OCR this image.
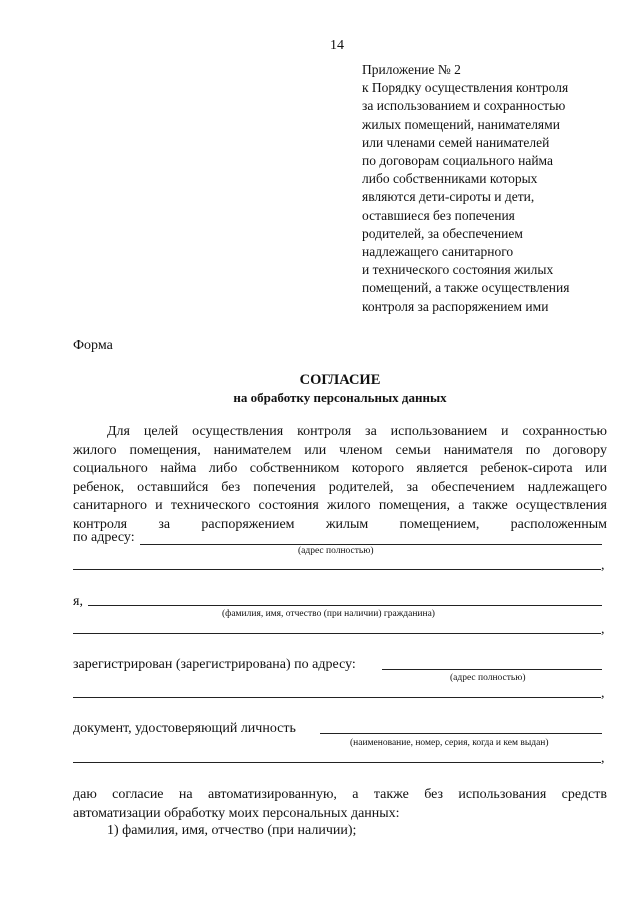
14
Приложение № 2
к Порядку осуществления контроля
за использованием и сохранностью
жилых помещений, нанимателями
или членами семей нанимателей
по договорам социального найма
либо собственниками которых
являются дети-сироты и дети,
оставшиеся без попечения
родителей, за обеспечением
надлежащего санитарного
и технического состояния жилых
помещений, а также осуществления
контроля за распоряжением ими
Форма
СОГЛАСИЕ
на обработку персональных данных
Для целей осуществления контроля за использованием и сохранностью
жилого помещения, нанимателем или членом семьи нанимателя по договору
социального найма либо собственником которого является ребенок-сирота или
ребенок, оставшийся без попечения родителей, за обеспечением надлежащего
санитарного и технического состояния жилого помещения, а также осуществления
контроля за распоряжением жилым помещением, расположенным
по адресу:
(адрес полностью)
,
я,
(фамилия, имя, отчество (при наличии) гражданина)
,
зарегистрирован (зарегистрирована) по адресу:
(адрес полностью)
,
документ, удостоверяющий личность
(наименование, номер, серия, когда и кем выдан)
,
даю согласие на автоматизированную, а также без использования средств
автоматизации обработку моих персональных данных:
1) фамилия, имя, отчество (при наличии);
